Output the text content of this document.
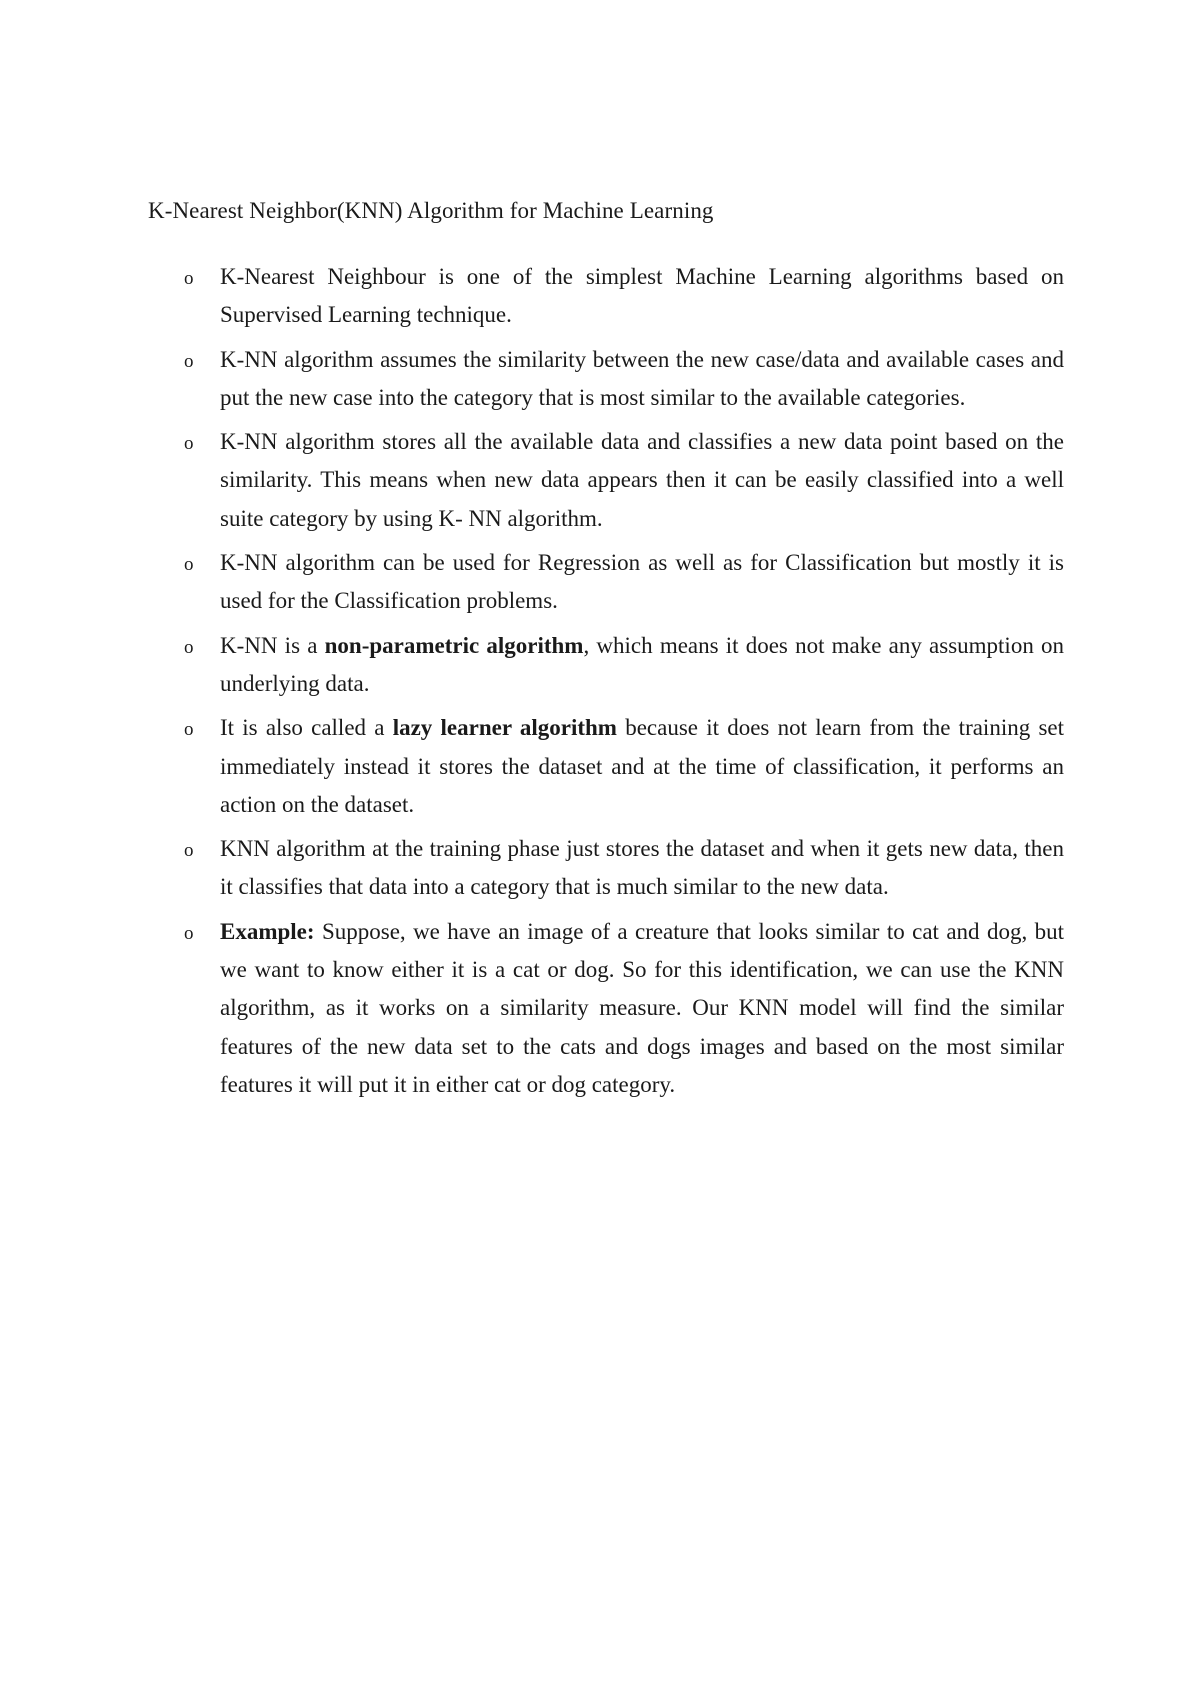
K-Nearest Neighbor(KNN) Algorithm for Machine Learning
o K-Nearest Neighbour is one of the simplest Machine Learning algorithms based on Supervised Learning technique.
o K-NN algorithm assumes the similarity between the new case/data and available cases and put the new case into the category that is most similar to the available categories.
o K-NN algorithm stores all the available data and classifies a new data point based on the similarity. This means when new data appears then it can be easily classified into a well suite category by using K- NN algorithm.
o K-NN algorithm can be used for Regression as well as for Classification but mostly it is used for the Classification problems.
o K-NN is a non-parametric algorithm, which means it does not make any assumption on underlying data.
o It is also called a lazy learner algorithm because it does not learn from the training set immediately instead it stores the dataset and at the time of classification, it performs an action on the dataset.
o KNN algorithm at the training phase just stores the dataset and when it gets new data, then it classifies that data into a category that is much similar to the new data.
o Example: Suppose, we have an image of a creature that looks similar to cat and dog, but we want to know either it is a cat or dog. So for this identification, we can use the KNN algorithm, as it works on a similarity measure. Our KNN model will find the similar features of the new data set to the cats and dogs images and based on the most similar features it will put it in either cat or dog category.
